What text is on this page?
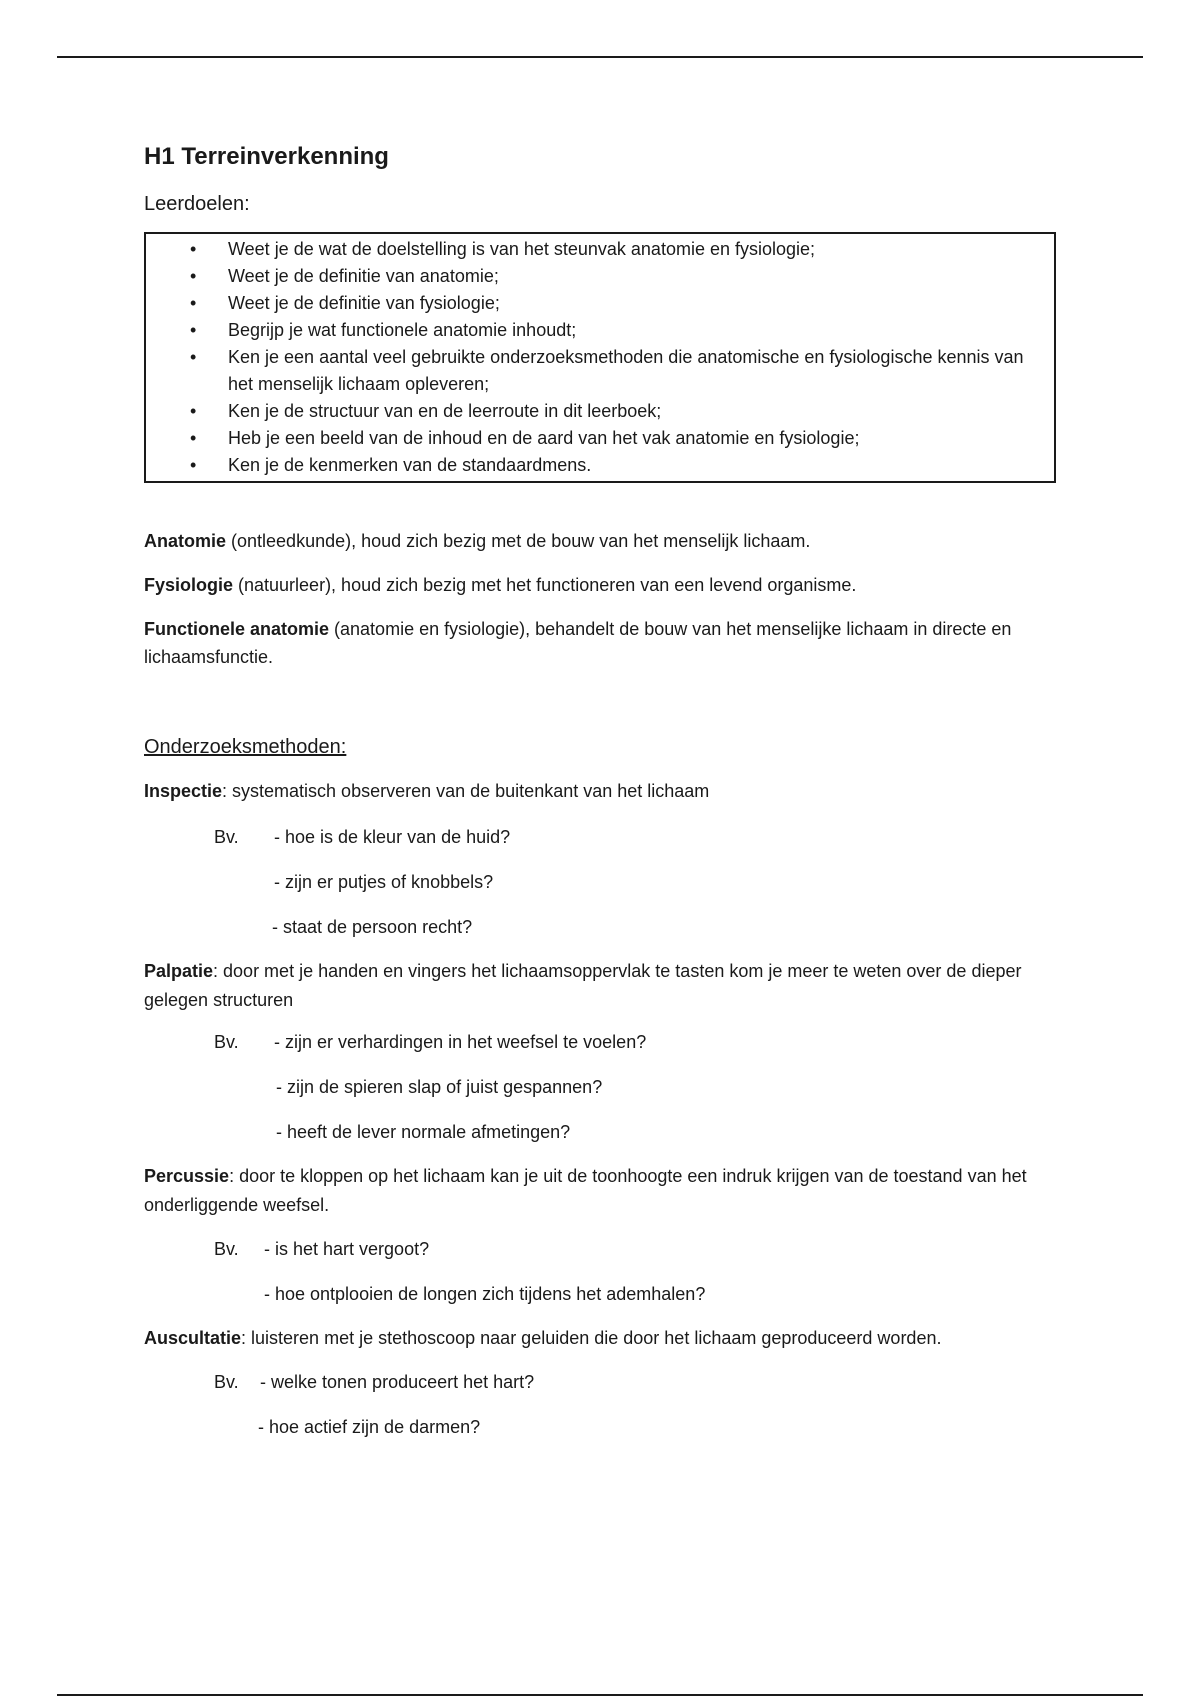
H1 Terreinverkenning
Leerdoelen:
• Weet je de wat de doelstelling is van het steunvak anatomie en fysiologie;
• Weet je de definitie van anatomie;
• Weet je de definitie van fysiologie;
• Begrijp je wat functionele anatomie inhoudt;
• Ken je een aantal veel gebruikte onderzoeksmethoden die anatomische en fysiologische kennis van het menselijk lichaam opleveren;
• Ken je de structuur van en de leerroute in dit leerboek;
• Heb je een beeld van de inhoud en de aard van het vak anatomie en fysiologie;
• Ken je de kenmerken van de standaardmens.

Anatomie (ontleedkunde), houd zich bezig met de bouw van het menselijk lichaam.

Fysiologie (natuurleer), houd zich bezig met het functioneren van een levend organisme.

Functionele anatomie (anatomie en fysiologie), behandelt de bouw van het menselijke lichaam in directe en lichaamsfunctie.

Onderzoeksmethoden:

Inspectie: systematisch observeren van de buitenkant van het lichaam

Bv. - hoe is de kleur van de huid?
- zijn er putjes of knobbels?
- staat de persoon recht?

Palpatie: door met je handen en vingers het lichaamsoppervlak te tasten kom je meer te weten over de dieper gelegen structuren

Bv. - zijn er verhardingen in het weefsel te voelen?
- zijn de spieren slap of juist gespannen?
- heeft de lever normale afmetingen?

Percussie: door te kloppen op het lichaam kan je uit de toonhoogte een indruk krijgen van de toestand van het onderliggende weefsel.

Bv. - is het hart vergoot?
- hoe ontplooien de longen zich tijdens het ademhalen?

Auscultatie: luisteren met je stethoscoop naar geluiden die door het lichaam geproduceerd worden.

Bv. - welke tonen produceert het hart?
- hoe actief zijn de darmen?
